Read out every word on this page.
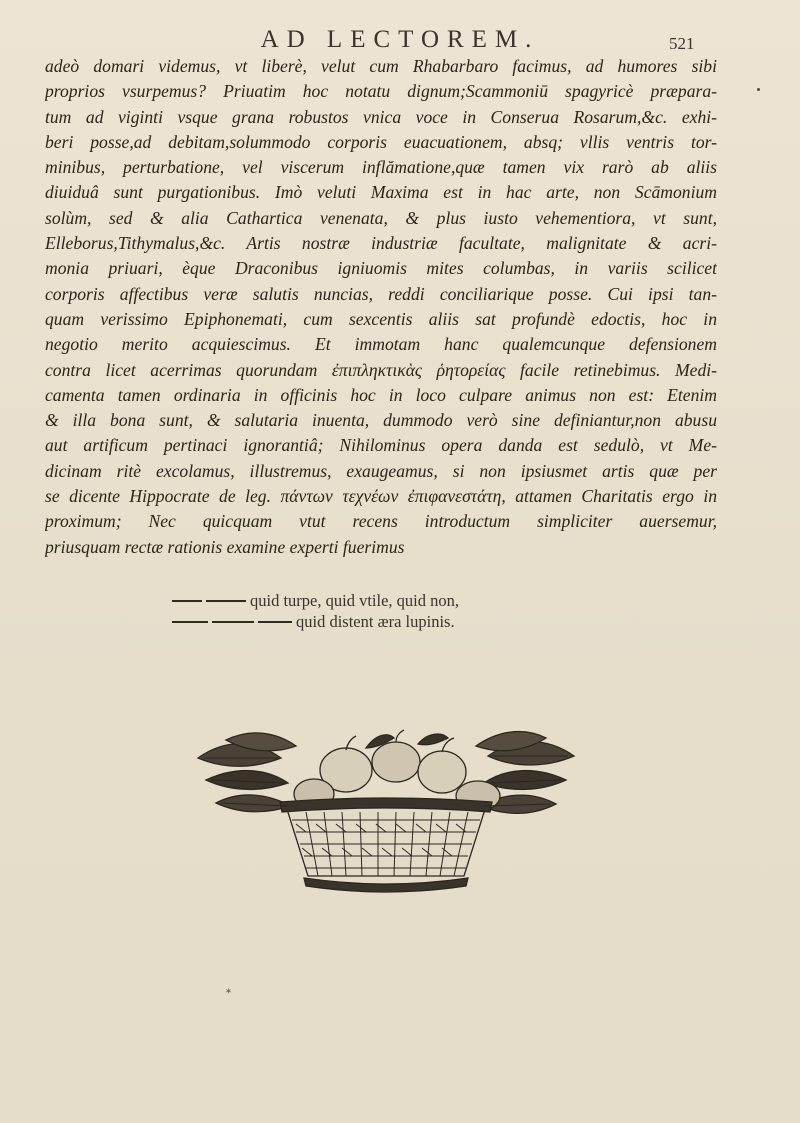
AD LECTOREM.	521
adeò domari videmus, vt liberè, velut cum Rhabarbaro facimus, ad humores sibi
proprios vsurpemus? Priuatim hoc notatu dignum;Scammoniū spagyricè præpara-
tum ad viginti vsque grana robustos vnica voce in Conserua Rosarum,&c. exhi-
beri posse,ad debitam,solummodo corporis euacuationem, absq; vllis ventris tor-
minibus, perturbatione, vel viscerum inflămatione,quæ tamen vix rarò ab aliis
diuiduâ sunt purgationibus. Imò veluti Maxima est in hac arte, non Scāmonium
solùm, sed & alia Cathartica venenata, & plus iusto vehementiora, vt sunt,
Elleborus,Tithymalus,&c. Artis nostræ industriæ facultate, malignitate & acri-
monia priuari, èque Draconibus igniuomis mites columbas, in variis scilicet
corporis affectibus veræ salutis nuncias, reddi conciliarique posse. Cui ipsi tan-
quam verissimo Epiphonemati, cum sexcentis aliis sat profundè edoctis, hoc in
negotio merito acquiescimus. Et immotam hanc qualemcunque defensionem
contra licet acerrimas quorundam ἐπιπληκτικὰς ῥητορείας facile retinebimus. Medi-
camenta tamen ordinaria in officinis hoc in loco culpare animus non est: Etenim
& illa bona sunt, & salutaria inuenta, dummodo verò sine definiantur,non abusu
aut artificum pertinaci ignorantiâ; Nihilominus opera danda est sedulò, vt Me-
dicinam ritè excolamus, illustremus, exaugeamus, si non ipsiusmet artis quæ per
se dicente Hippocrate de leg. πάντων τεχνέων ἐπιφανεστάτη, attamen Charitatis ergo in
proximum; Nec quicquam vtut recens introductum simpliciter auersemur,
priusquam rectæ rationis examine experti fuerimus
quid turpe, quid vtile, quid non,
quid distent æra lupinis.
*
